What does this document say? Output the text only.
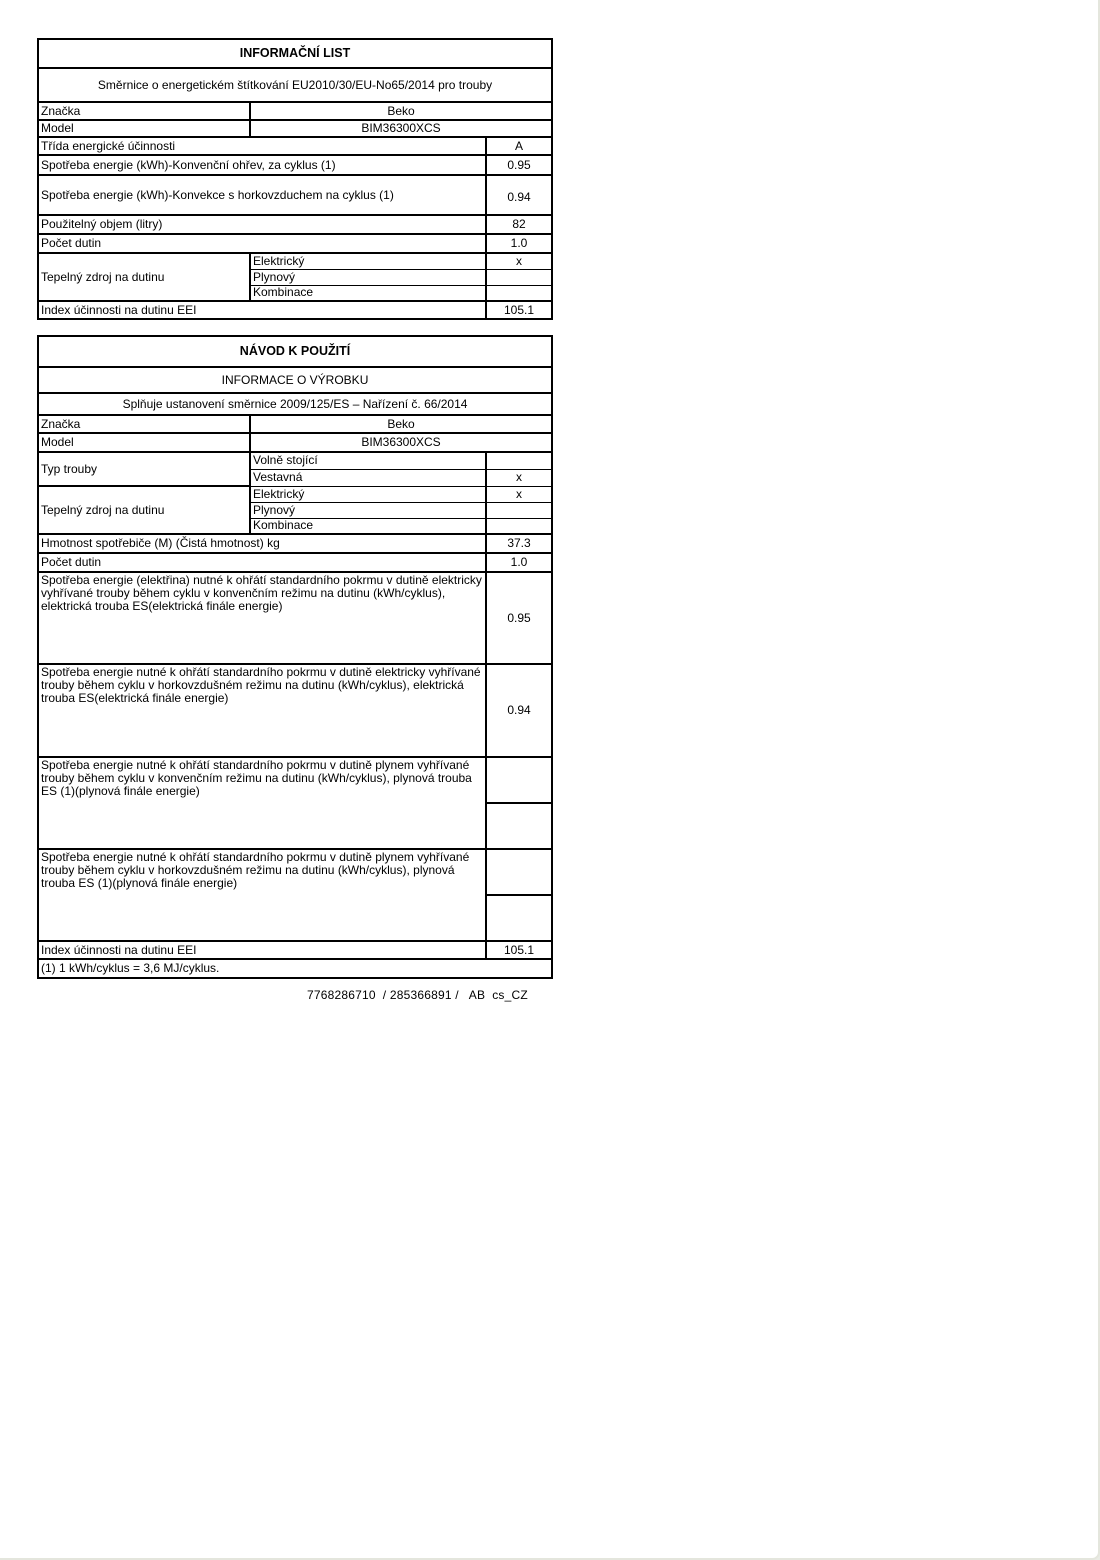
INFORMAČNÍ LIST		
Směrnice o energetickém štítkování EU2010/30/EU-No65/2014 pro trouby		
Značka	Beko	
Model	BIM36300XCS	
Třída energické účinnosti		A
Spotřeba energie (kWh)-Konvenční ohřev, za cyklus (1)		0.95
Spotřeba energie (kWh)-Konvekce s horkovzduchem na cyklus (1)		0.94
Použitelný objem (litry)		82
Počet dutin		1.0
Tepelný zdroj na dutinu	Elektrický	x
	Plynový	
	Kombinace	
Index účinnosti na dutinu EEI		105.1
NÁVOD K POUŽITÍ		
INFORMACE O VÝROBKU		
Splňuje ustanovení směrnice 2009/125/ES – Nařízení č. 66/2014		
Značka	Beko	
Model	BIM36300XCS	
Typ trouby	Volně stojící	
	Vestavná	x
Tepelný zdroj na dutinu	Elektrický	x
	Plynový	
	Kombinace	
Hmotnost spotřebiče (M) (Čistá hmotnost) kg		37.3
Počet dutin		1.0
Spotřeba energie (elektřina) nutné k ohřátí standardního pokrmu v dutině elektricky vyhřívané trouby během cyklu v konvenčním režimu na dutinu (kWh/cyklus), elektrická trouba ES(elektrická finále energie)		0.95
Spotřeba energie nutné k ohřátí standardního pokrmu v dutině elektricky vyhřívané trouby během cyklu v horkovzdušném režimu na dutinu (kWh/cyklus), elektrická trouba ES(elektrická finále energie)		0.94
Spotřeba energie nutné k ohřátí standardního pokrmu v dutině plynem vyhřívané trouby během cyklu v konvenčním režimu na dutinu (kWh/cyklus), plynová trouba ES (1)(plynová finále energie)		

Spotřeba energie nutné k ohřátí standardního pokrmu v dutině plynem vyhřívané trouby během cyklu v horkovzdušném režimu na dutinu (kWh/cyklus), plynová trouba ES (1)(plynová finále energie)		

Index účinnosti na dutinu EEI		105.1
(1) 1 kWh/cyklus = 3,6 MJ/cyklus.		
7768286710  / 285366891 /   AB  cs_CZ
